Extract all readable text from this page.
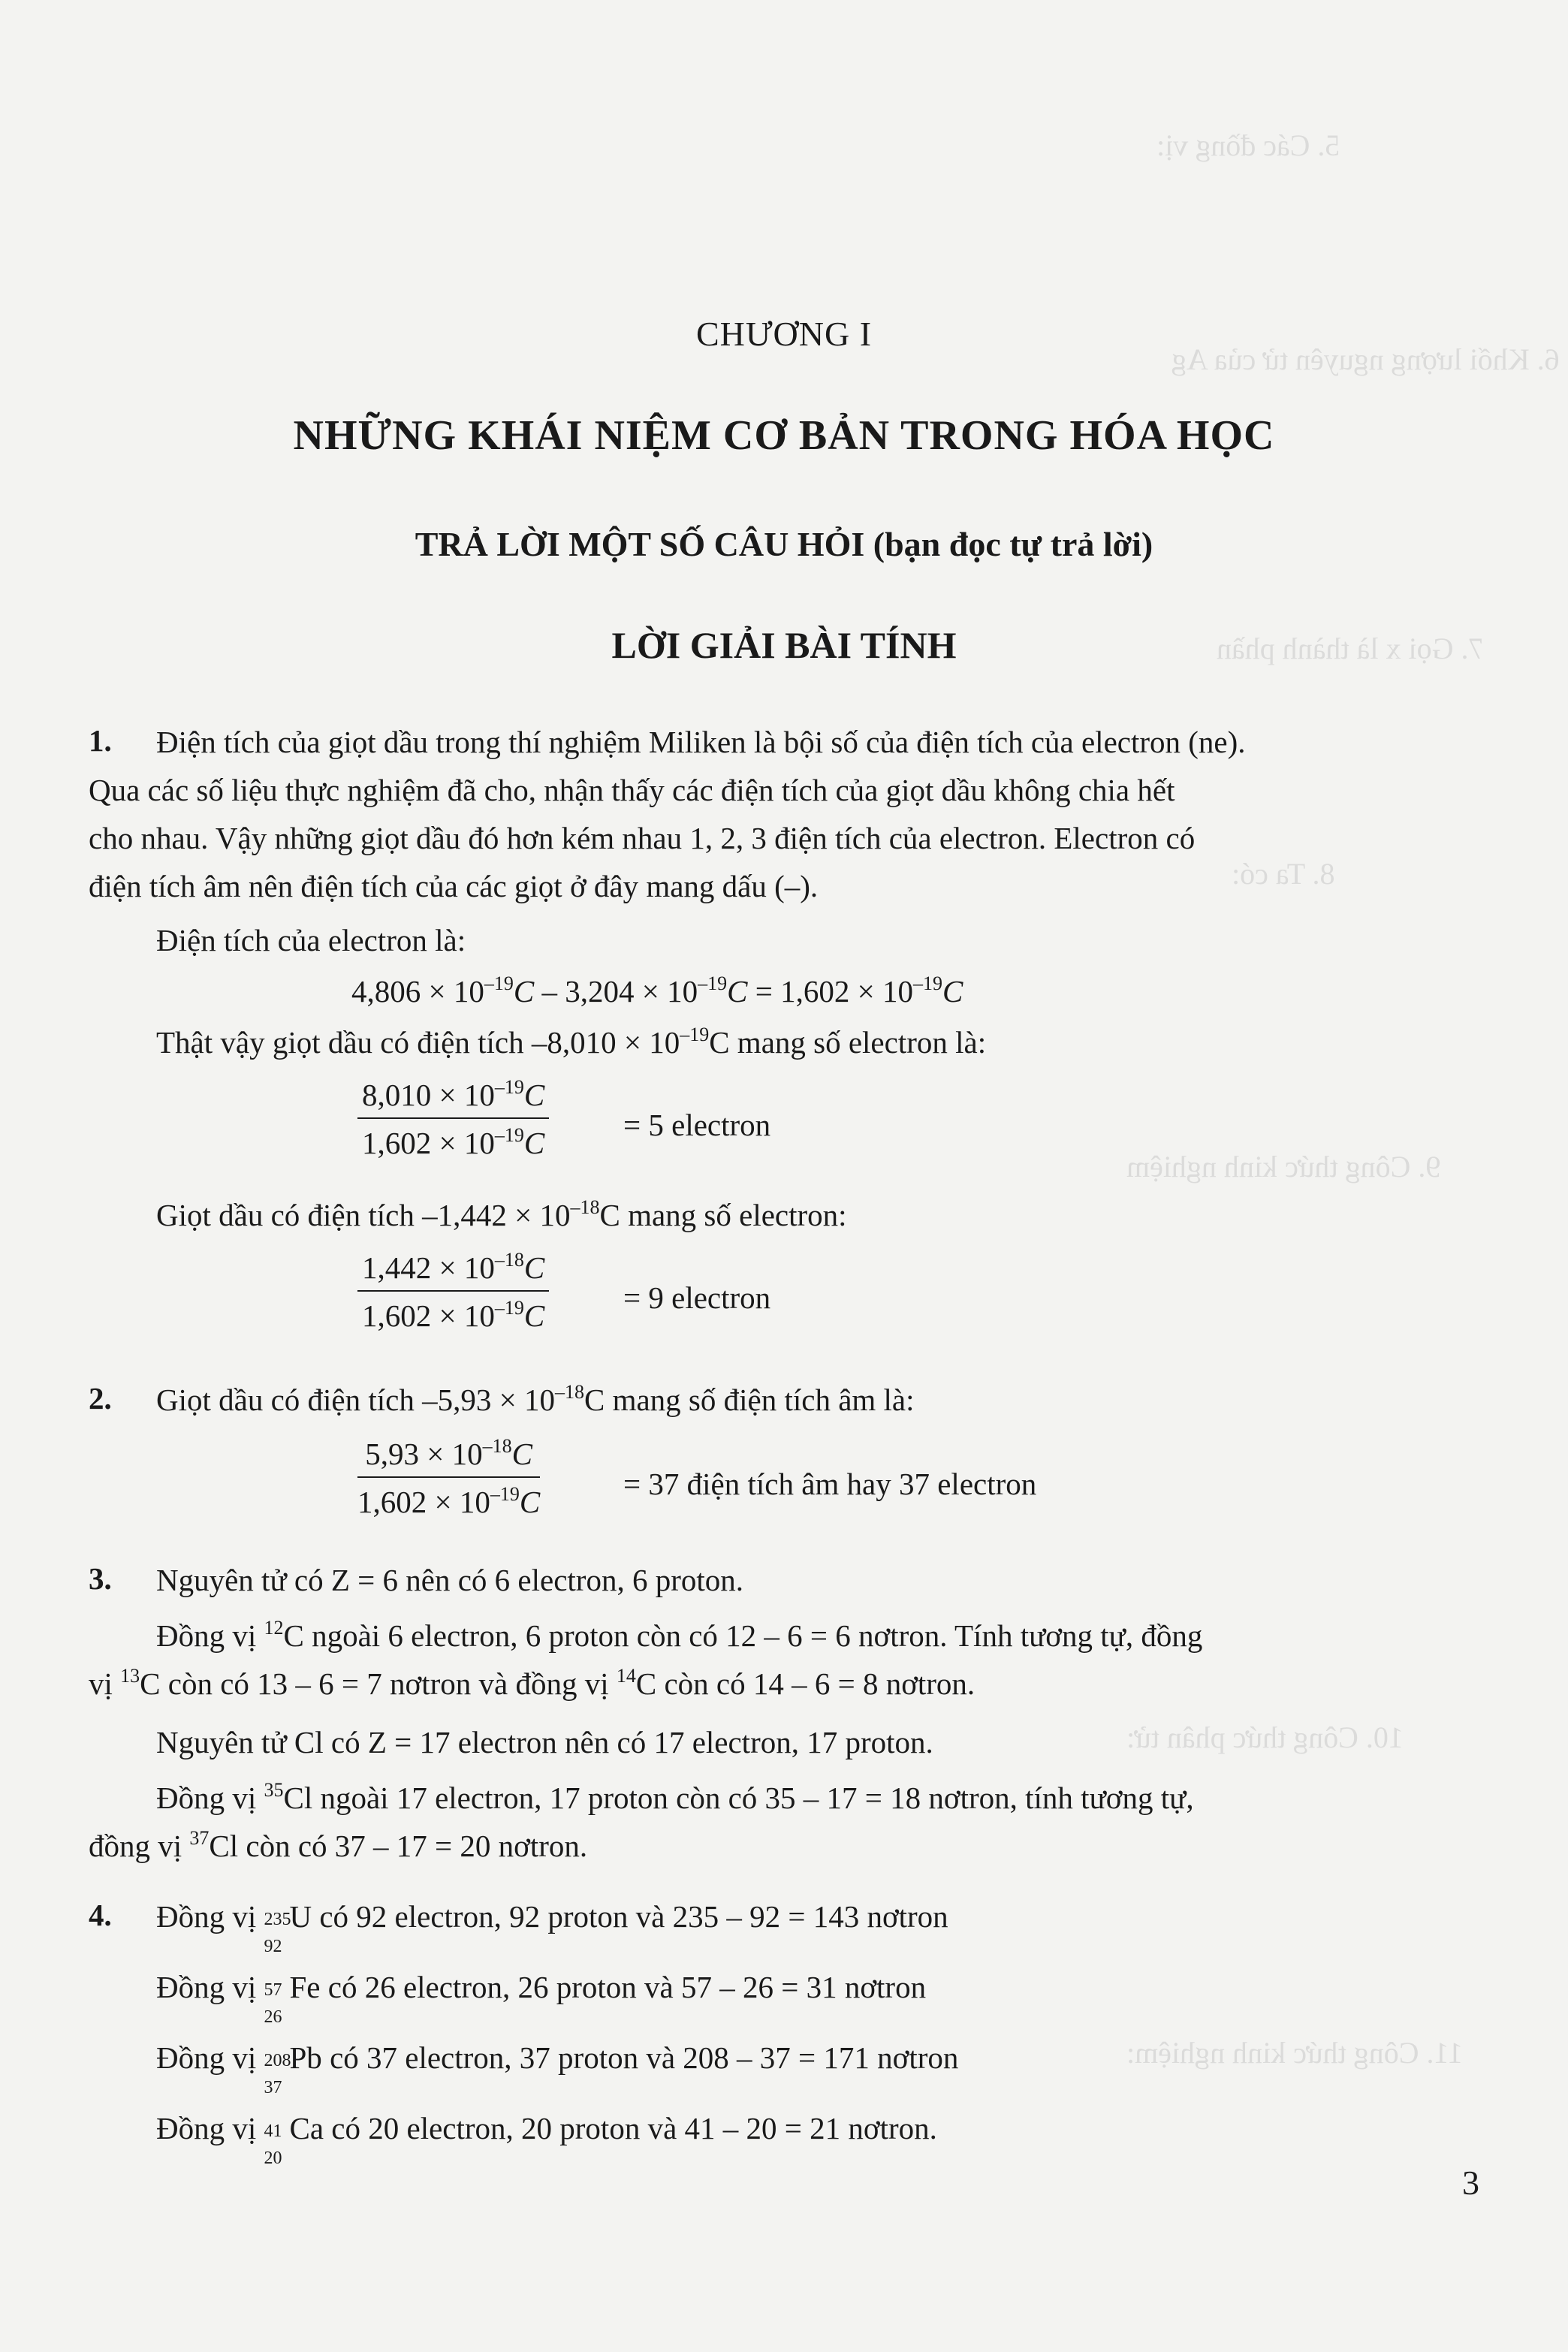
5. Các đồng vị:
6. Khối lượng nguyên tử của Ag
7. Gọi x là thành phần
8. Ta có:
9. Công thức kinh nghiệm
10. Công thức phân tử:
11. Công thức kinh nghiệm:
CHƯƠNG I
NHỮNG KHÁI NIỆM CƠ BẢN TRONG HÓA HỌC
TRẢ LỜI MỘT SỐ CÂU HỎI (bạn đọc tự trả lời)
LỜI GIẢI BÀI TÍNH
1. Điện tích của giọt dầu trong thí nghiệm Miliken là bội số của điện tích của electron (ne).
Qua các số liệu thực nghiệm đã cho, nhận thấy các điện tích của giọt dầu không chia hết
cho nhau. Vậy những giọt dầu đó hơn kém nhau 1, 2, 3 điện tích của electron. Electron có
điện tích âm nên điện tích của các giọt ở đây mang dấu (–).
Điện tích của electron là:
$4,806 \times 10^{-19}C - 3,204 \times 10^{-19}C = 1,602 \times 10^{-19}C$
Thật vậy giọt dầu có điện tích $-8,010 \times 10^{-19}C$ mang số electron là:
$\frac{8,010 \times 10^{-19}C}{1,602 \times 10^{-19}C} = 5$ electron
Giọt dầu có điện tích $-1,442 \times 10^{-18}C$ mang số electron:
$\frac{1,442 \times 10^{-18}C}{1,602 \times 10^{-19}C} = 9$ electron
2. Giọt dầu có điện tích $-5,93 \times 10^{-18}C$ mang số điện tích âm là:
$\frac{5,93 \times 10^{-18}C}{1,602 \times 10^{-19}C}$	= 37 điện tích âm hay 37 electron
3. Nguyên tử có Z = 6 nên có 6 electron, 6 proton.
Đồng vị $^{12}$C ngoài 6 electron, 6 proton còn có 12 – 6 = 6 nơtron. Tính tương tự, đồng
vị $^{13}$C còn có 13 – 6 = 7 nơtron và đồng vị $^{14}$C còn có 14 – 6 = 8 nơtron.
Nguyên tử Cl có Z = 17 electron nên có 17 electron, 17 proton.
Đồng vị $^{35}$Cl ngoài 17 electron, 17 proton còn có 35 – 17 = 18 nơtron, tính tương tự,
đồng vị $^{37}$Cl còn có 37 – 17 = 20 nơtron.
4. Đồng vị 235
92
U có 92 electron, 92 proton và 235 – 92 = 143 nơtron
Đồng vị 57
26
Fe có 26 electron, 26 proton và 57 – 26 = 31 nơtron
Đồng vị 208
37
Pb có 37 electron, 37 proton và 208 – 37 = 171 nơtron
Đồng vị 41
20
Ca có 20 electron, 20 proton và 41 – 20 = 21 nơtron.
3
